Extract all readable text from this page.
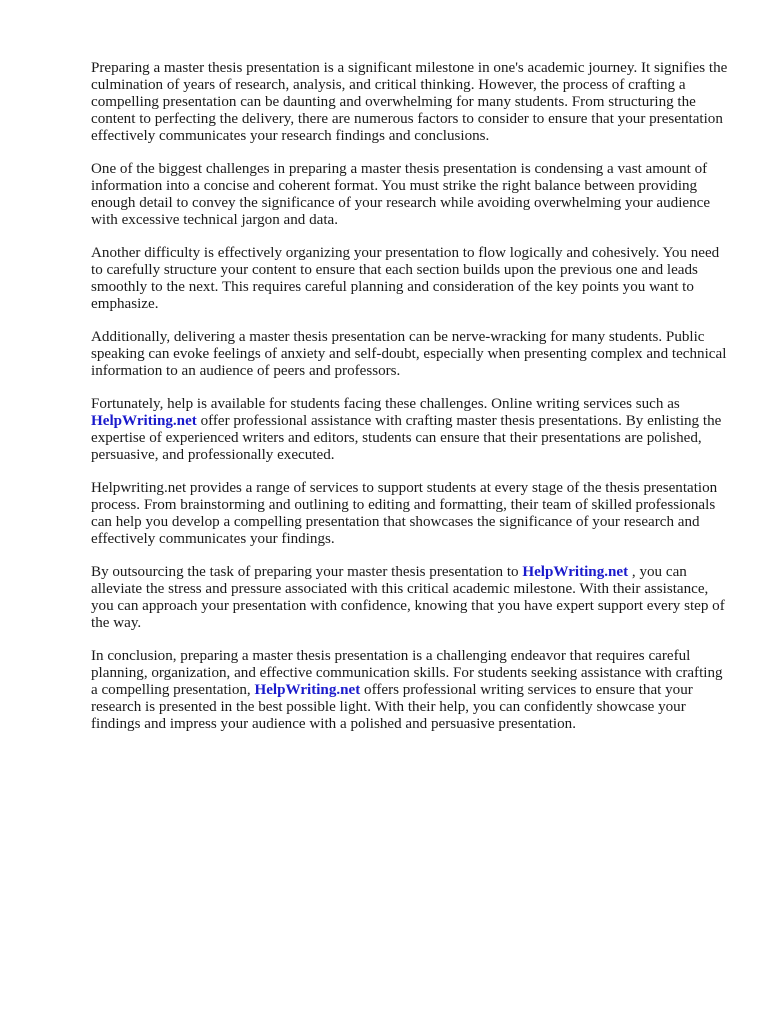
Preparing a master thesis presentation is a significant milestone in one's academic journey. It signifies the culmination of years of research, analysis, and critical thinking. However, the process of crafting a compelling presentation can be daunting and overwhelming for many students. From structuring the content to perfecting the delivery, there are numerous factors to consider to ensure that your presentation effectively communicates your research findings and conclusions.

One of the biggest challenges in preparing a master thesis presentation is condensing a vast amount of information into a concise and coherent format. You must strike the right balance between providing enough detail to convey the significance of your research while avoiding overwhelming your audience with excessive technical jargon and data.

Another difficulty is effectively organizing your presentation to flow logically and cohesively. You need to carefully structure your content to ensure that each section builds upon the previous one and leads smoothly to the next. This requires careful planning and consideration of the key points you want to emphasize.

Additionally, delivering a master thesis presentation can be nerve-wracking for many students. Public speaking can evoke feelings of anxiety and self-doubt, especially when presenting complex and technical information to an audience of peers and professors.

Fortunately, help is available for students facing these challenges. Online writing services such as HelpWriting.net offer professional assistance with crafting master thesis presentations. By enlisting the expertise of experienced writers and editors, students can ensure that their presentations are polished, persuasive, and professionally executed.

Helpwriting.net provides a range of services to support students at every stage of the thesis presentation process. From brainstorming and outlining to editing and formatting, their team of skilled professionals can help you develop a compelling presentation that showcases the significance of your research and effectively communicates your findings.

By outsourcing the task of preparing your master thesis presentation to HelpWriting.net , you can alleviate the stress and pressure associated with this critical academic milestone. With their assistance, you can approach your presentation with confidence, knowing that you have expert support every step of the way.

In conclusion, preparing a master thesis presentation is a challenging endeavor that requires careful planning, organization, and effective communication skills. For students seeking assistance with crafting a compelling presentation, HelpWriting.net offers professional writing services to ensure that your research is presented in the best possible light. With their help, you can confidently showcase your findings and impress your audience with a polished and persuasive presentation.
